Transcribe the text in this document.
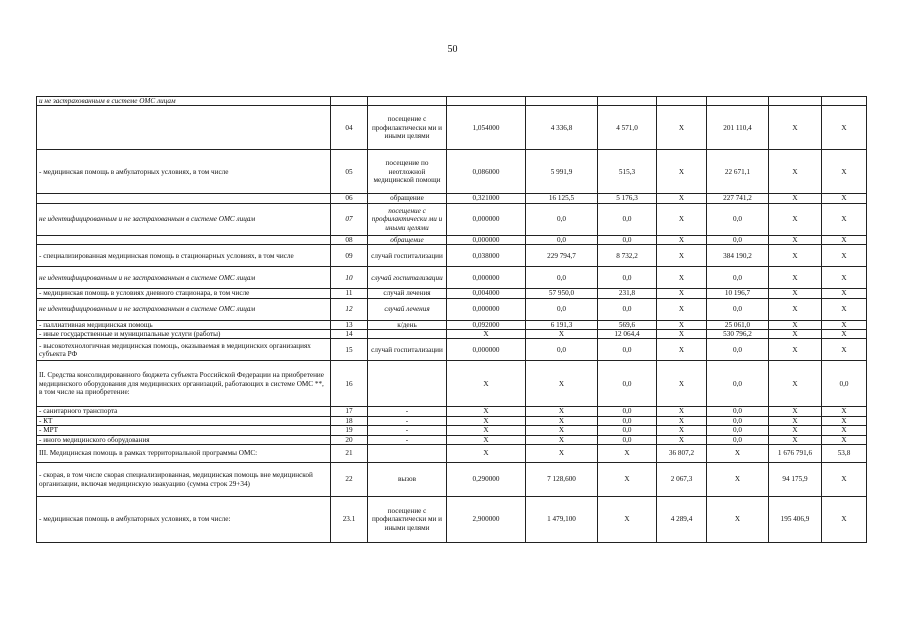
50
и не застрахованным в системе ОМС лицам									
	04	посещение с профилактически ми и иными целями	1,054000	4 336,8	4 571,0	Х	201 110,4	Х	Х
- медицинская помощь в амбулаторных условиях, в том числе	05	посещение по неотложной медицинской помощи	0,086000	5 991,9	515,3	Х	22 671,1	Х	Х
	06	обращение	0,321000	16 125,5	5 176,3	Х	227 741,2	Х	Х
не идентифицированным и не застрахованным в системе ОМС лицам	07	посещение с профилактически ми и иными целями	0,000000	0,0	0,0	Х	0,0	Х	Х
	08	обращение	0,000000	0,0	0,0	Х	0,0	Х	Х
- специализированная медицинская помощь в стационарных условиях, в том числе	09	случай госпитализации	0,038000	229 794,7	8 732,2	Х	384 190,2	Х	Х
не идентифицированным и не застрахованным в системе ОМС лицам	10	случай госпитализации	0,000000	0,0	0,0	Х	0,0	Х	Х
- медицинская помощь в условиях дневного стационара, в том числе	11	случай лечения	0,004000	57 950,0	231,8	Х	10 196,7	Х	Х
не идентифицированным и не застрахованным в системе ОМС лицам	12	случай лечения	0,000000	0,0	0,0	Х	0,0	Х	Х
- паллиативная медицинская помощь	13	к/день	0,092000	6 191,3	569,6	Х	25 061,0	Х	Х
- иные государственные и муниципальные услуги (работы)	14		Х	Х	12 064,4	Х	530 796,2	Х	Х
- высокотехнологичная медицинская помощь, оказываемая в медицинских организациях субъекта РФ	15	случай госпитализации	0,000000	0,0	0,0	Х	0,0	Х	Х
II. Средства консолидированного бюджета субъекта Российской Федерации на приобретение медицинского оборудования для медицинских организаций, работающих в системе ОМС **, в том числе на приобретение:	16		Х	Х	0,0	Х	0,0	Х	0,0
- санитарного транспорта	17	-	Х	Х	0,0	Х	0,0	Х	Х
- КТ	18	-	Х	Х	0,0	Х	0,0	Х	Х
- МРТ	19	-	Х	Х	0,0	Х	0,0	Х	Х
- иного медицинского оборудования	20	-	Х	Х	0,0	Х	0,0	Х	Х
III. Медицинская помощь в рамках территориальной программы ОМС:	21		Х	Х	Х	36 807,2	Х	1 676 791,6	53,8
- скорая, в том числе скорая специализированная, медицинская помощь вне медицинской организации, включая медицинскую эвакуацию (сумма строк 29+34)	22	вызов	0,290000	7 128,600	Х	2 067,3	Х	94 175,9	Х
- медицинская помощь в амбулаторных условиях, в том числе:	23.1	посещение с профилактически ми и иными целями	2,900000	1 479,100	Х	4 289,4	Х	195 406,9	Х
